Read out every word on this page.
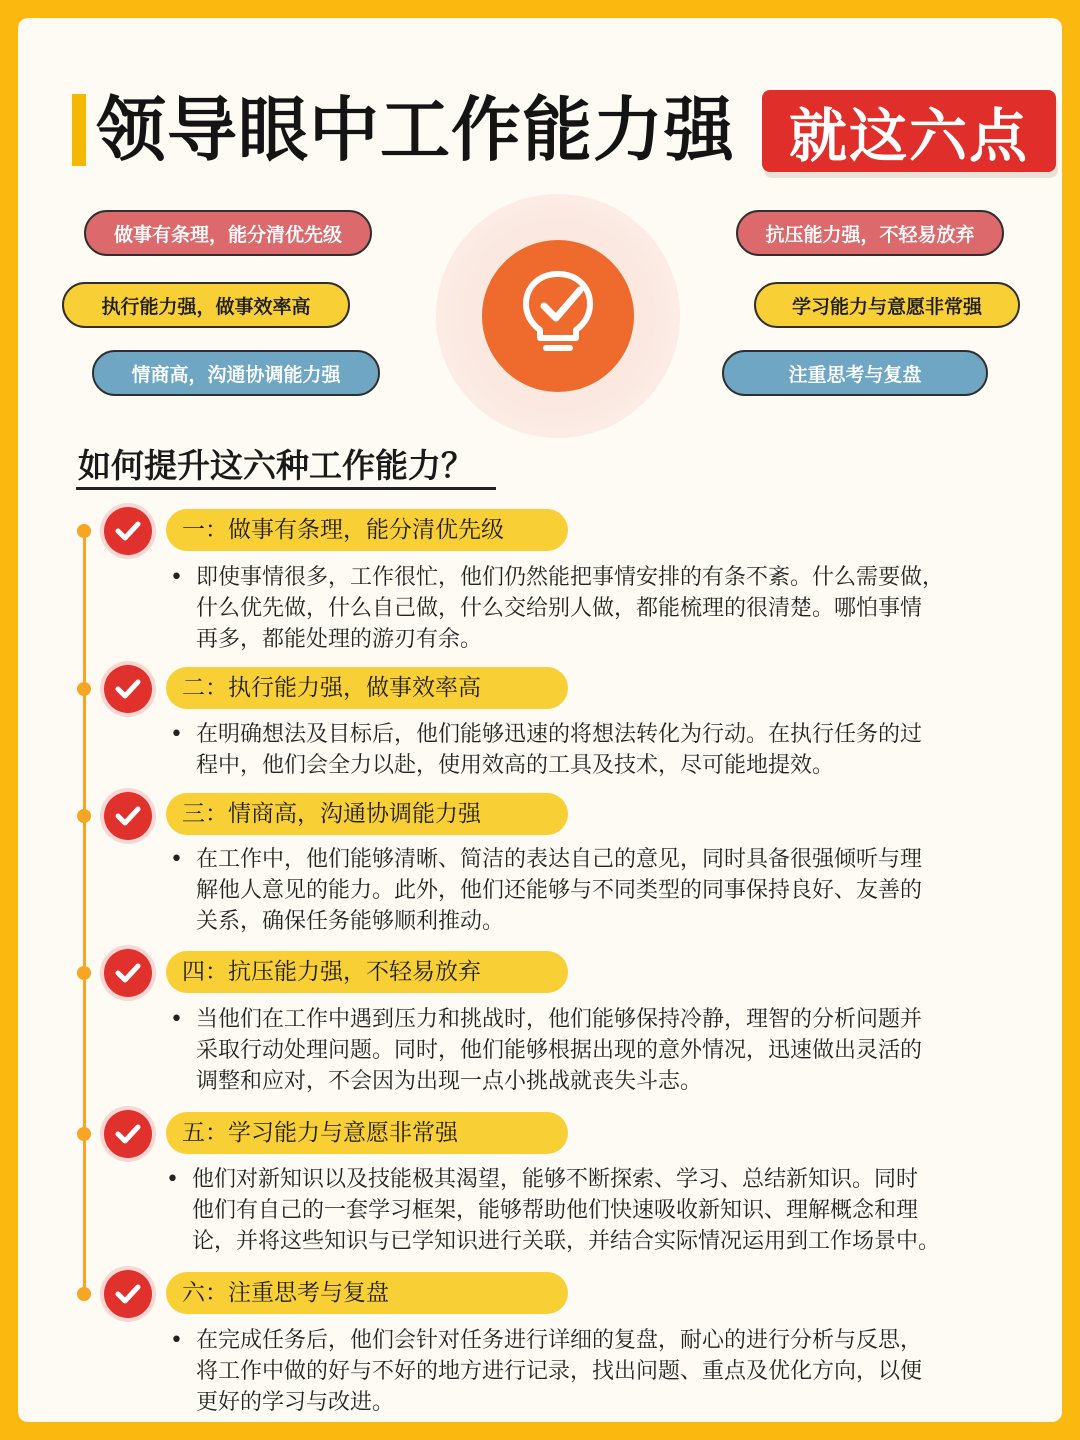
领导眼中工作能力强 就这六点
做事有条理，能分清优先级
执行能力强，做事效率高
情商高，沟通协调能力强
抗压能力强，不轻易放弃
学习能力与意愿非常强
注重思考与复盘
如何提升这六种工作能力？
一：做事有条理，能分清优先级
• 即使事情很多，工作很忙，他们仍然能把事情安排的有条不紊。什么需要做，
什么优先做，什么自己做，什么交给别人做，都能梳理的很清楚。哪怕事情
再多，都能处理的游刃有余。

二：执行能力强，做事效率高
• 在明确想法及目标后，他们能够迅速的将想法转化为行动。在执行任务的过
程中，他们会全力以赴，使用效高的工具及技术，尽可能地提效。

三：情商高，沟通协调能力强
• 在工作中，他们能够清晰、简洁的表达自己的意见，同时具备很强倾听与理
解他人意见的能力。此外，他们还能够与不同类型的同事保持良好、友善的
关系，确保任务能够顺利推动。

四：抗压能力强，不轻易放弃
• 当他们在工作中遇到压力和挑战时，他们能够保持冷静，理智的分析问题并
采取行动处理问题。同时，他们能够根据出现的意外情况，迅速做出灵活的
调整和应对，不会因为出现一点小挑战就丧失斗志。

五：学习能力与意愿非常强
• 他们对新知识以及技能极其渴望，能够不断探索、学习、总结新知识。同时
他们有自己的一套学习框架，能够帮助他们快速吸收新知识、理解概念和理
论，并将这些知识与已学知识进行关联，并结合实际情况运用到工作场景中。

六：注重思考与复盘
• 在完成任务后，他们会针对任务进行详细的复盘，耐心的进行分析与反思，
将工作中做的好与不好的地方进行记录，找出问题、重点及优化方向，以便
更好的学习与改进。
